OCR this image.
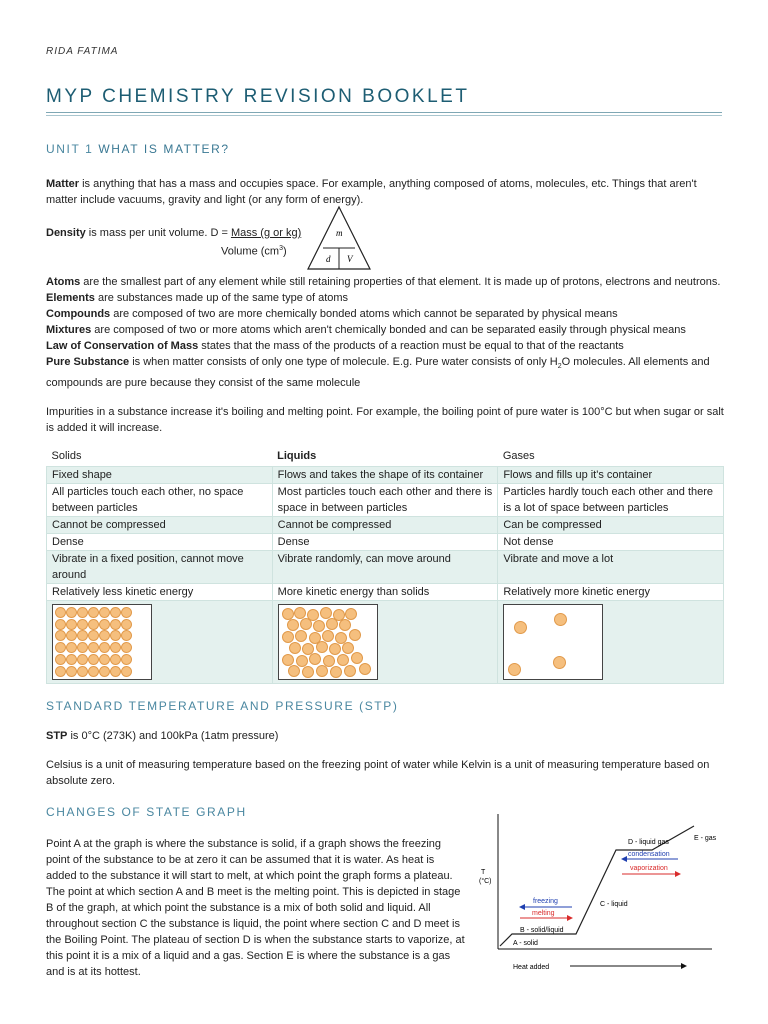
RIDA FATIMA
MYP CHEMISTRY REVISION BOOKLET
UNIT 1 WHAT IS MATTER?
Matter is anything that has a mass and occupies space. For example, anything composed of atoms, molecules, etc. Things that aren't matter include vacuums, gravity and light (or any form of energy).
Density is mass per unit volume. D = Mass (g or kg)
Volume $(cm^3)$
m
d V
Atoms are the smallest part of any element while still retaining properties of that element. It is made up of protons, electrons and neutrons.
Elements are substances made up of the same type of atoms
Compounds are composed of two are more chemically bonded atoms which cannot be separated by physical means
Mixtures are composed of two or more atoms which aren't chemically bonded and can be separated easily through physical means
Law of Conservation of Mass states that the mass of the products of a reaction must be equal to that of the reactants
Pure Substance is when matter consists of only one type of molecule. E.g. Pure water consists of only $H_2O$ molecules. All elements and compounds are pure because they consist of the same molecule
Impurities in a substance increase it's boiling and melting point. For example, the boiling point of pure water is 100°C but when sugar or salt is added it will increase.
Solids	Liquids	Gases
Fixed shape	Flows and takes the shape of its container	Flows and fills up it's container
All particles touch each other, no space between particles	Most particles touch each other and there is space in between particles	Particles hardly touch each other and there is a lot of space between particles
Cannot be compressed	Cannot be compressed	Can be compressed
Dense	Dense	Not dense
Vibrate in a fixed position, cannot move around	Vibrate randomly, can move around	Vibrate and move a lot
Relatively less kinetic energy	More kinetic energy than solids	Relatively more kinetic energy

STANDARD TEMPERATURE AND PRESSURE (STP)
STP is 0°C (273K) and 100kPa (1atm pressure)
Celsius is a unit of measuring temperature based on the freezing point of water while Kelvin is a unit of measuring temperature based on absolute zero.
CHANGES OF STATE GRAPH
Point A at the graph is where the substance is solid, if a graph shows the freezing point of the substance to be at zero it can be assumed that it is water. As heat is added to the substance it will start to melt, at which point the graph forms a plateau. The point at which section A and B meet is the melting point. This is depicted in stage B of the graph, at which point the substance is a mix of both solid and liquid. All throughout section C the substance is liquid, the point where section C and D meet is the Boiling Point. The plateau of section D is when the substance starts to vaporize, at this point it is a mix of a liquid and a gas. Section E is where the substance is a gas and is at its hottest.
T
(°C)
Heat added
A - solid
B - solid/liquid
C - liquid
D - liquid gas
E - gas
freezing
melting
condensation
vaporization
